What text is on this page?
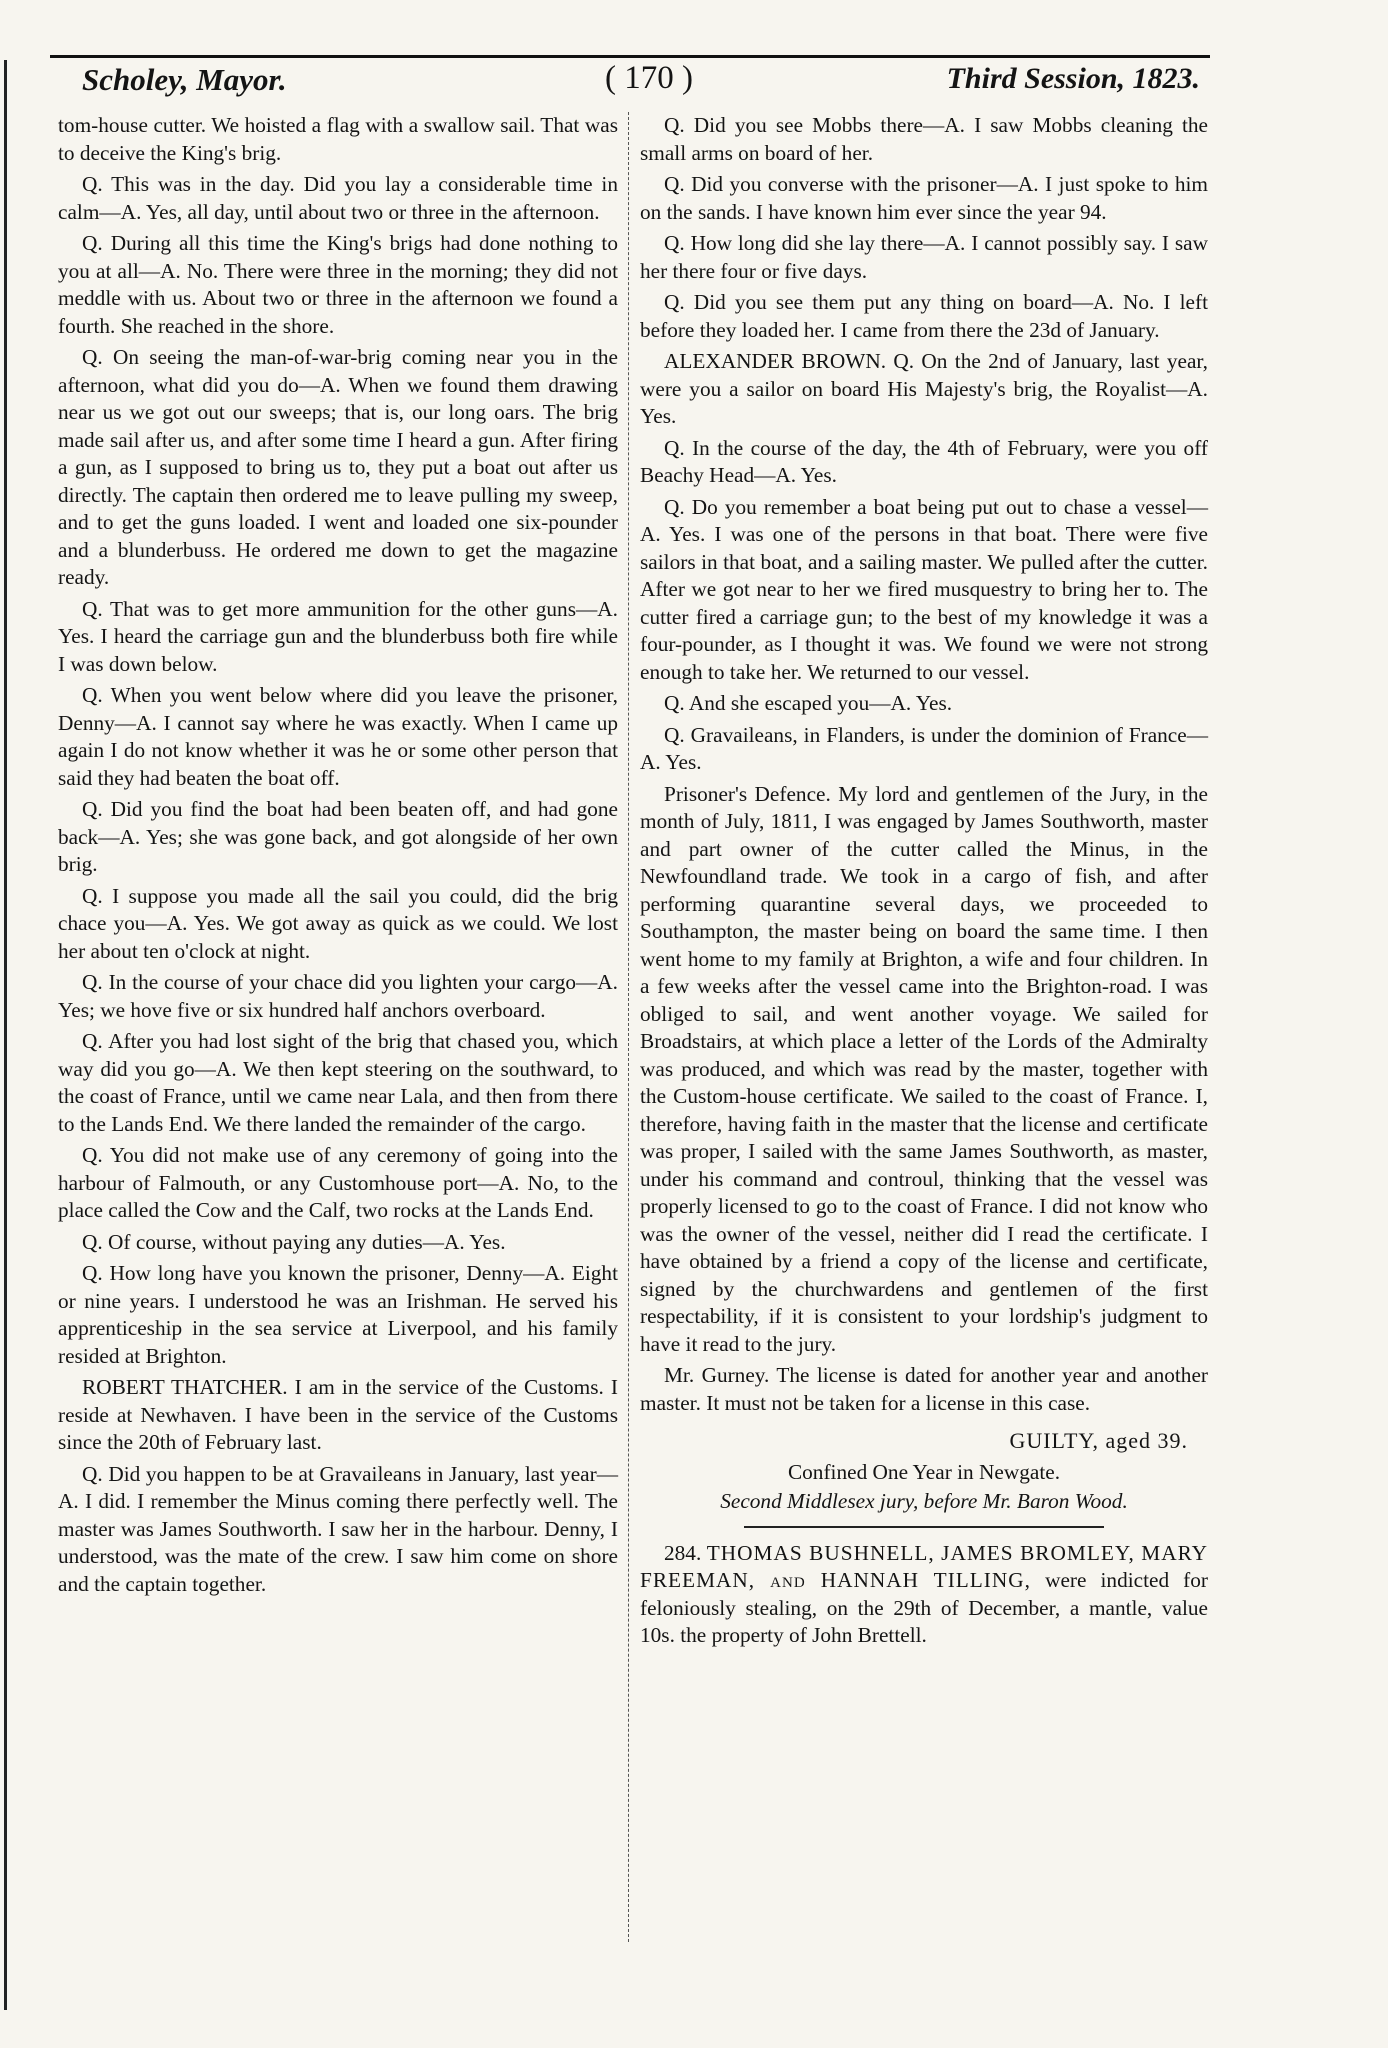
Scholey, Mayor.	( 170 )	Third Session, 1823.

tom-house cutter. We hoisted a flag with a swallow sail. That was to deceive the King's brig.

Q. This was in the day. Did you lay a considerable time in calm—A. Yes, all day, until about two or three in the afternoon.

Q. During all this time the King's brigs had done nothing to you at all—A. No. There were three in the morning; they did not meddle with us. About two or three in the afternoon we found a fourth. She reached in the shore.

Q. On seeing the man-of-war-brig coming near you in the afternoon, what did you do—A. When we found them drawing near us we got out our sweeps; that is, our long oars. The brig made sail after us, and after some time I heard a gun. After firing a gun, as I supposed to bring us to, they put a boat out after us directly. The captain then ordered me to leave pulling my sweep, and to get the guns loaded. I went and loaded one six-pounder and a blunderbuss. He ordered me down to get the magazine ready.

Q. That was to get more ammunition for the other guns—A. Yes. I heard the carriage gun and the blunderbuss both fire while I was down below.

Q. When you went below where did you leave the prisoner, Denny—A. I cannot say where he was exactly. When I came up again I do not know whether it was he or some other person that said they had beaten the boat off.

Q. Did you find the boat had been beaten off, and had gone back—A. Yes; she was gone back, and got alongside of her own brig.

Q. I suppose you made all the sail you could, did the brig chace you—A. Yes. We got away as quick as we could. We lost her about ten o'clock at night.

Q. In the course of your chace did you lighten your cargo—A. Yes; we hove five or six hundred half anchors overboard.

Q. After you had lost sight of the brig that chased you, which way did you go—A. We then kept steering on the southward, to the coast of France, until we came near Lala, and then from there to the Lands End. We there landed the remainder of the cargo.

Q. You did not make use of any ceremony of going into the harbour of Falmouth, or any Customhouse port—A. No, to the place called the Cow and the Calf, two rocks at the Lands End.

Q. Of course, without paying any duties—A. Yes.

Q. How long have you known the prisoner, Denny—A. Eight or nine years. I understood he was an Irishman. He served his apprenticeship in the sea service at Liverpool, and his family resided at Brighton.

ROBERT THATCHER. I am in the service of the Customs. I reside at Newhaven. I have been in the service of the Customs since the 20th of February last.

Q. Did you happen to be at Gravaileans in January, last year—A. I did. I remember the Minus coming there perfectly well. The master was James Southworth. I saw her in the harbour. Denny, I understood, was the mate of the crew. I saw him come on shore and the captain together.

Q. Did you see Mobbs there—A. I saw Mobbs cleaning the small arms on board of her.

Q. Did you converse with the prisoner—A. I just spoke to him on the sands. I have known him ever since the year 94.

Q. How long did she lay there—A. I cannot possibly say. I saw her there four or five days.

Q. Did you see them put any thing on board—A. No. I left before they loaded her. I came from there the 23d of January.

ALEXANDER BROWN. Q. On the 2nd of January, last year, were you a sailor on board His Majesty's brig, the Royalist—A. Yes.

Q. In the course of the day, the 4th of February, were you off Beachy Head—A. Yes.

Q. Do you remember a boat being put out to chase a vessel—A. Yes. I was one of the persons in that boat. There were five sailors in that boat, and a sailing master. We pulled after the cutter. After we got near to her we fired musquestry to bring her to. The cutter fired a carriage gun; to the best of my knowledge it was a four-pounder, as I thought it was. We found we were not strong enough to take her. We returned to our vessel.

Q. And she escaped you—A. Yes.

Q. Gravaileans, in Flanders, is under the dominion of France—A. Yes.

Prisoner's Defence. My lord and gentlemen of the Jury, in the month of July, 1811, I was engaged by James Southworth, master and part owner of the cutter called the Minus, in the Newfoundland trade. We took in a cargo of fish, and after performing quarantine several days, we proceeded to Southampton, the master being on board the same time. I then went home to my family at Brighton, a wife and four children. In a few weeks after the vessel came into the Brighton-road. I was obliged to sail, and went another voyage. We sailed for Broadstairs, at which place a letter of the Lords of the Admiralty was produced, and which was read by the master, together with the Custom-house certificate. We sailed to the coast of France. I, therefore, having faith in the master that the license and certificate was proper, I sailed with the same James Southworth, as master, under his command and controul, thinking that the vessel was properly licensed to go to the coast of France. I did not know who was the owner of the vessel, neither did I read the certificate. I have obtained by a friend a copy of the license and certificate, signed by the churchwardens and gentlemen of the first respectability, if it is consistent to your lordship's judgment to have it read to the jury.

Mr. Gurney. The license is dated for another year and another master. It must not be taken for a license in this case.

GUILTY, aged 39.
Confined One Year in Newgate.
Second Middlesex jury, before Mr. Baron Wood.

284. THOMAS BUSHNELL, JAMES BROMLEY, MARY FREEMAN, and HANNAH TILLING, were indicted for feloniously stealing, on the 29th of December, a mantle, value 10s. the property of John Brettell.
